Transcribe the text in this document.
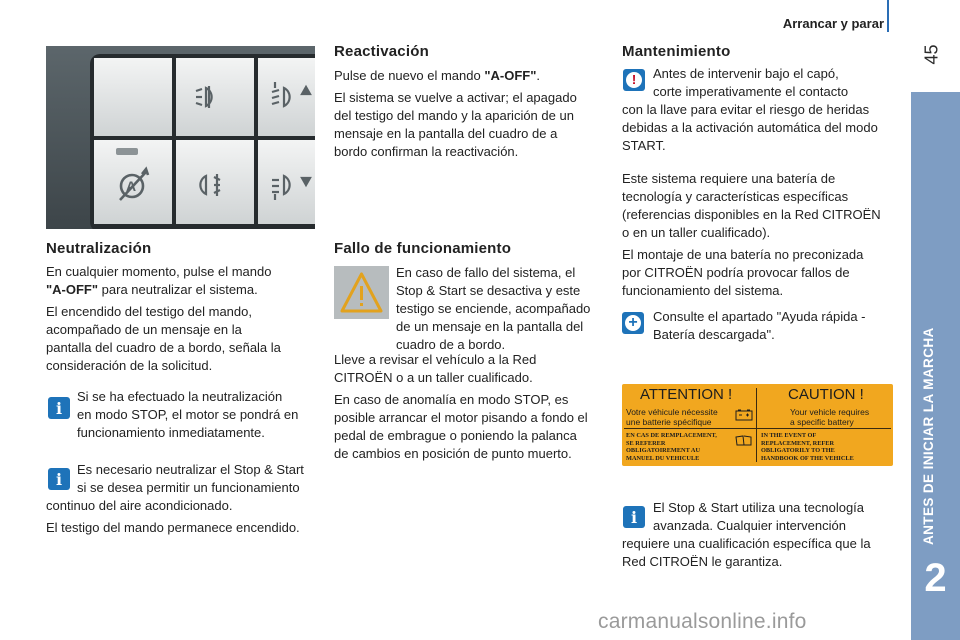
Arrancar y parar
45
2
A
Neutralización

En cualquier momento, pulse el mando

"A-OFF" para neutralizar el sistema.

El encendido del testigo del mando,

acompañado de un mensaje en la

pantalla del cuadro de a bordo, señala la

consideración de la solicitud.

i

Si se ha efectuado la neutralización

en modo STOP, el motor se pondrá en

funcionamiento inmediatamente.

i	Es necesario neutralizar el Stop & Start

si se desea permitir un funcionamiento

continuo del aire acondicionado.

El testigo del mando permanece encendido.

Reactivación

Pulse de nuevo el mando "A-OFF".

El sistema se vuelve a activar; el apagado

del testigo del mando y la aparición de un

mensaje en la pantalla del cuadro de a

bordo confirman la reactivación.

Fallo de funcionamiento

En caso de fallo del sistema, el

Stop & Start se desactiva y este

testigo se enciende, acompañado

de un mensaje en la pantalla del

cuadro de a bordo.

Lleve a revisar el vehículo a la Red

CITROËN o a un taller cualificado.

En caso de anomalía en modo STOP, es

posible arrancar el motor pisando a fondo el

pedal de embrague o poniendo la palanca

de cambios en posición de punto muerto.

Mantenimiento
!	Antes de intervenir bajo el capó,

corte imperativamente el contacto

con la llave para evitar el riesgo de heridas

debidas a la activación automática del modo

START.

Este sistema requiere una batería de

tecnología y características específicas

(referencias disponibles en la Red CITROËN

o en un taller cualificado).

El montaje de una batería no preconizada

por CITROËN podría provocar fallos de

funcionamiento del sistema.

+ Consulte el apartado "Ayuda rápida -

Batería descargada".

ATTENTION !	CAUTION !
Votre véhicule nécessite
une batterie spécifique
Your vehicle requires
a specific battery
EN CAS DE REMPLACEMENT,
SE REFERER
OBLIGATOIREMENT AU
MANUEL DU VEHICULE
IN THE EVENT OF
REPLACEMENT, REFER
OBLIGATORILY TO THE
HANDBOOK OF THE VEHICLE
i	El Stop & Start utiliza una tecnología

avanzada. Cualquier intervención

requiere una cualificación específica que la

Red CITROËN le garantiza.

carmanualsonline.info
